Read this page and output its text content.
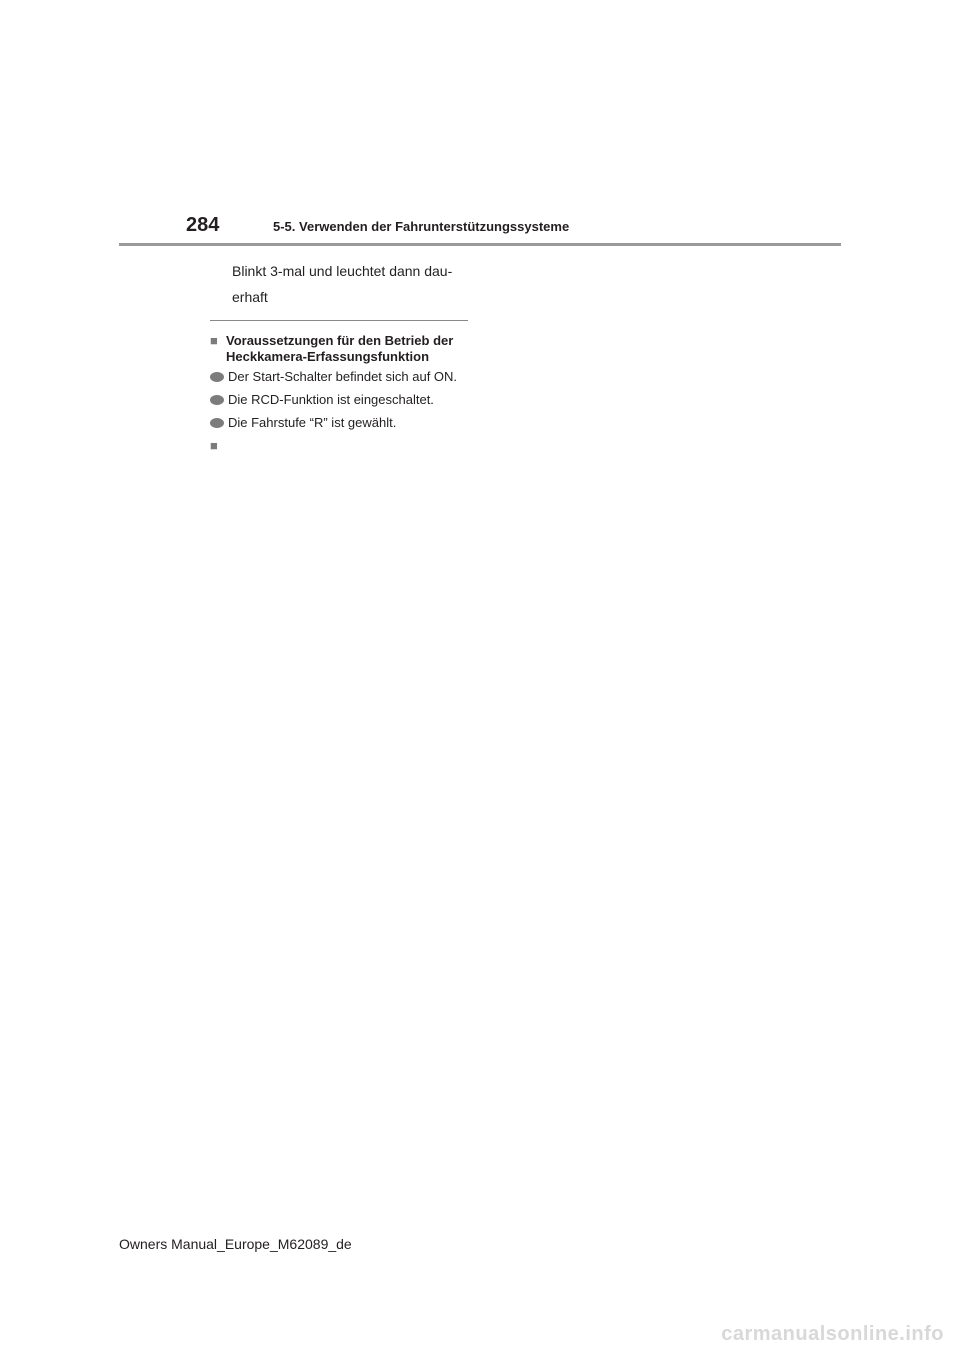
284	5-5. Verwenden der Fahrunterstützungssysteme
Blinkt 3-mal und leuchtet dann dau-
erhaft
■ Voraussetzungen für den Betrieb der
Heckkamera-Erfassungsfunktion
Der Start-Schalter befindet sich auf ON.
Die RCD-Funktion ist eingeschaltet.
Die Fahrstufe “R” ist gewählt.
■
Owners Manual_Europe_M62089_de
carmanualsonline.info
